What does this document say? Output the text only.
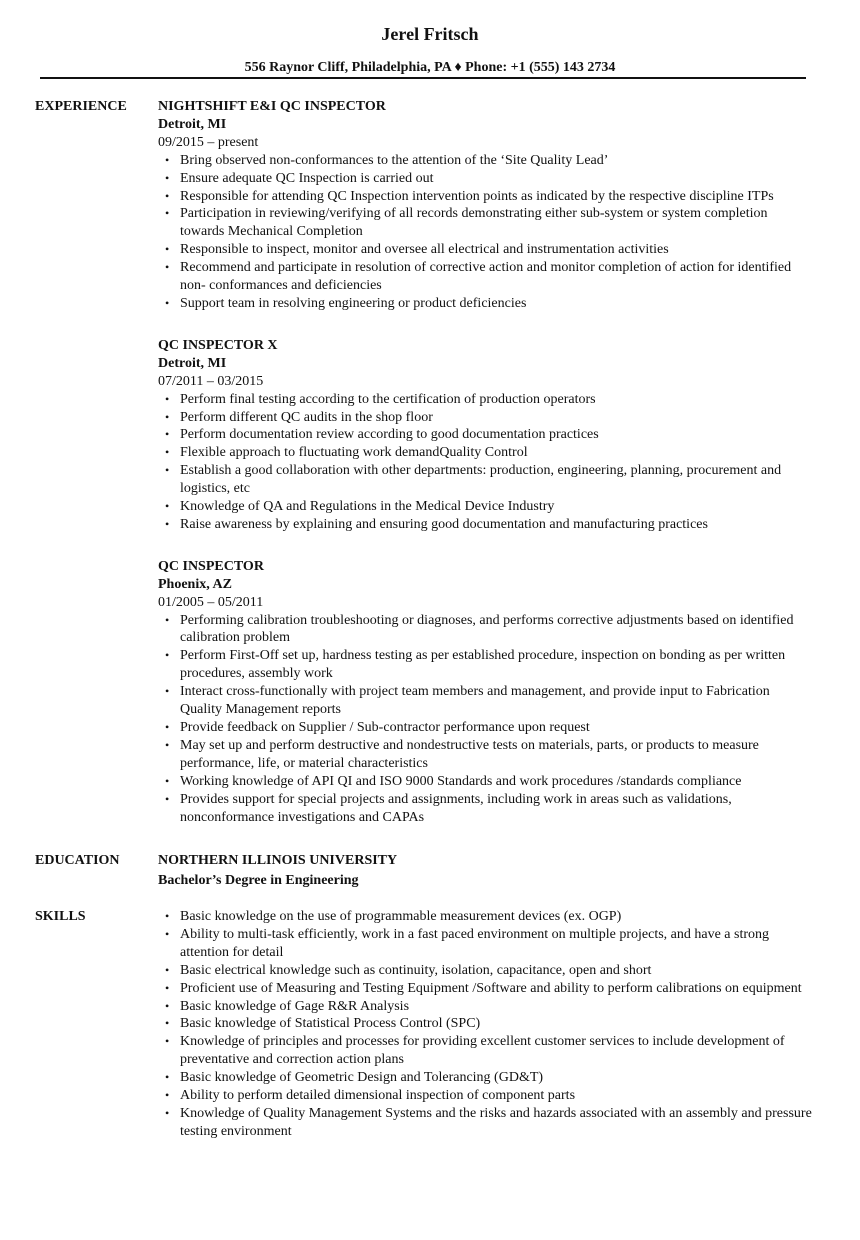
Jerel Fritsch
556 Raynor Cliff, Philadelphia, PA ♦ Phone: +1 (555) 143 2734
EXPERIENCE NIGHTSHIFT E&I QC INSPECTOR
Detroit, MI
09/2015 – present
• Bring observed non-conformances to the attention of the ‘Site Quality Lead’
• Ensure adequate QC Inspection is carried out
• Responsible for attending QC Inspection intervention points as indicated by the respective discipline ITPs
• Participation in reviewing/verifying of all records demonstrating either sub-system or system completion towards Mechanical Completion
• Responsible to inspect, monitor and oversee all electrical and instrumentation activities
• Recommend and participate in resolution of corrective action and monitor completion of action for identified non- conformances and deficiencies
• Support team in resolving engineering or product deficiencies
QC INSPECTOR X
Detroit, MI
07/2011 – 03/2015
• Perform final testing according to the certification of production operators
• Perform different QC audits in the shop floor
• Perform documentation review according to good documentation practices
• Flexible approach to fluctuating work demandQuality Control
• Establish a good collaboration with other departments: production, engineering, planning, procurement and logistics, etc
• Knowledge of QA and Regulations in the Medical Device Industry
• Raise awareness by explaining and ensuring good documentation and manufacturing practices
QC INSPECTOR
Phoenix, AZ
01/2005 – 05/2011
• Performing calibration troubleshooting or diagnoses, and performs corrective adjustments based on identified calibration problem
• Perform First-Off set up, hardness testing as per established procedure, inspection on bonding as per written procedures, assembly work
• Interact cross-functionally with project team members and management, and provide input to Fabrication Quality Management reports
• Provide feedback on Supplier / Sub-contractor performance upon request
• May set up and perform destructive and nondestructive tests on materials, parts, or products to measure performance, life, or material characteristics
• Working knowledge of API QI and ISO 9000 Standards and work procedures /standards compliance
• Provides support for special projects and assignments, including work in areas such as validations, nonconformance investigations and CAPAs
EDUCATION	NORTHERN ILLINOIS UNIVERSITY
Bachelor’s Degree in Engineering
SKILLS	• Basic knowledge on the use of programmable measurement devices (ex. OGP)
• Ability to multi-task efficiently, work in a fast paced environment on multiple projects, and have a strong attention for detail
• Basic electrical knowledge such as continuity, isolation, capacitance, open and short
• Proficient use of Measuring and Testing Equipment /Software and ability to perform calibrations on equipment
• Basic knowledge of Gage R&R Analysis
• Basic knowledge of Statistical Process Control (SPC)
• Knowledge of principles and processes for providing excellent customer services to include development of preventative and correction action plans
• Basic knowledge of Geometric Design and Tolerancing (GD&T)
• Ability to perform detailed dimensional inspection of component parts
• Knowledge of Quality Management Systems and the risks and hazards associated with an assembly and pressure testing environment
